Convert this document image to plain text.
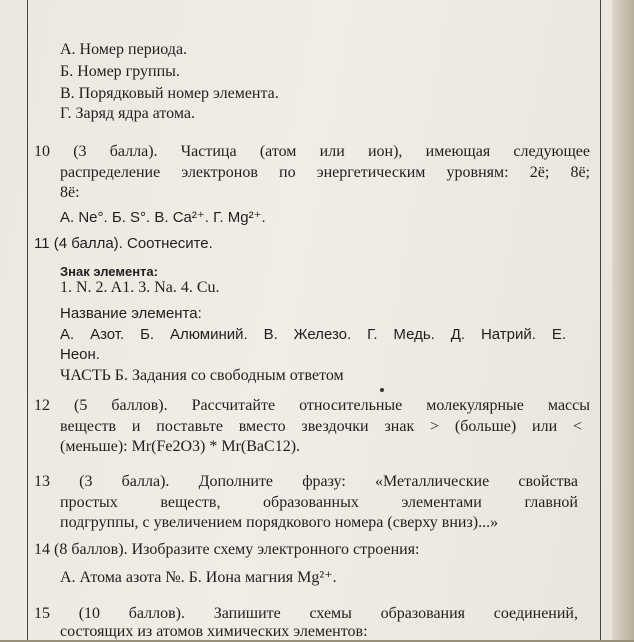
А. Номер периода.
Б. Номер группы.
В. Порядковый номер элемента.
Г. Заряд ядра атома.
10 (3 балла). Частица (атом или ион), имеющая следующее
распределение электронов по энергетическим уровням: 2ё; 8ё;
8ё:
А. Ne°. Б. S°. В. Ca²⁺. Г. Mg²⁺.
11 (4 балла). Соотнесите.
Знак элемента:
1. N. 2. A1. 3. Na. 4. Cu.
Название элемента:
А. Азот. Б. Алюминий. В. Железо. Г. Медь. Д. Натрий. Е.
Неон.
ЧАСТЬ Б. Задания со свободным ответом
12 (5 баллов). Рассчитайте относительные молекулярные массы
веществ и поставьте вместо звездочки знак > (больше) или <
(меньше): Mr(Fe2O3) * Mr(BaC12).
13 (3 балла). Дополните фразу: «Металлические свойства
простых веществ, образованных элементами главной
подгруппы, с увеличением порядкового номера (сверху вниз)...»
14 (8 баллов). Изобразите схему электронного строения:
А. Атома азота №. Б. Иона магния Mg²⁺.
15 (10 баллов). Запишите схемы образования соединений,
состоящих из атомов химических элементов:
